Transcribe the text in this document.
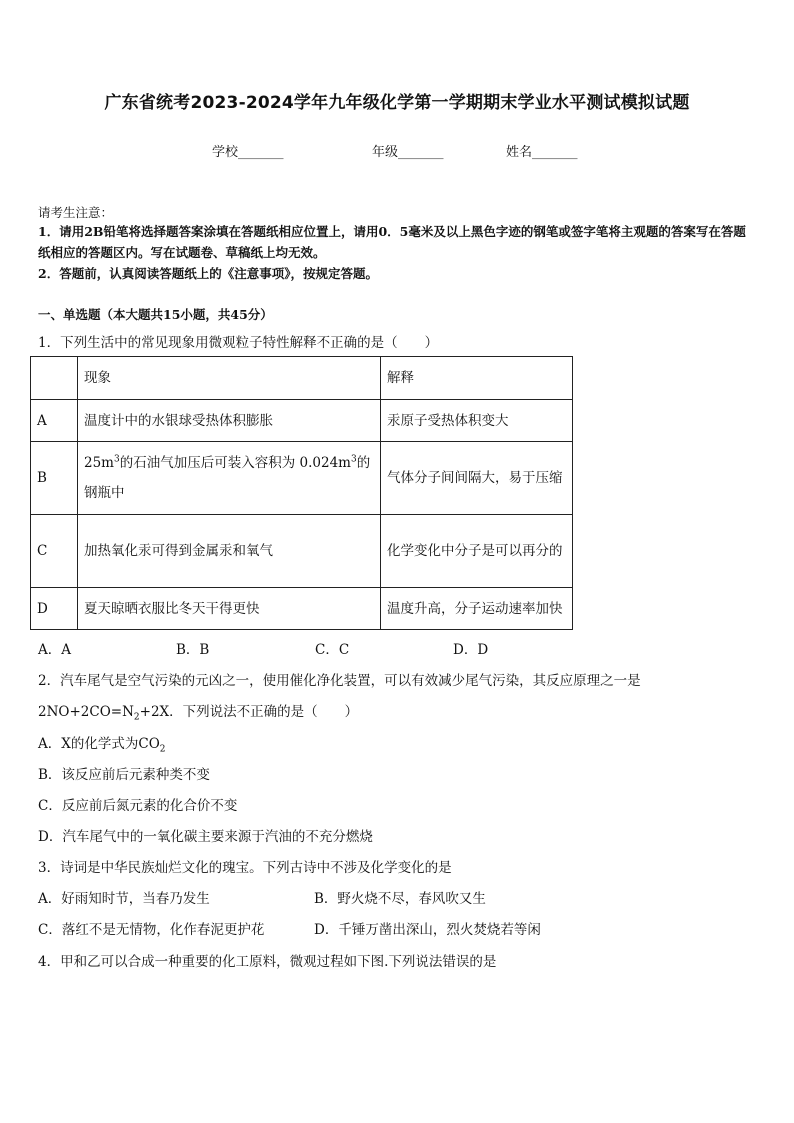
广东省统考2023-2024学年九年级化学第一学期期末学业水平测试模拟试题
学校_______	年级_______	姓名_______
请考生注意：
1．请用2B铅笔将选择题答案涂填在答题纸相应位置上，请用0．5毫米及以上黑色字迹的钢笔或签字笔将主观题的答案写在答题纸相应的答题区内。写在试题卷、草稿纸上均无效。
2．答题前，认真阅读答题纸上的《注意事项》，按规定答题。
一、单选题（本大题共15小题，共45分）
1．下列生活中的常见现象用微观粒子特性解释不正确的是（　　）
	现象	解释
A	温度计中的水银球受热体积膨胀	汞原子受热体积变大
B	$25m^3$的石油气加压后可装入容积为 $0.024m^3$的钢瓶中	气体分子间间隔大，易于压缩
C	加热氧化汞可得到金属汞和氧气	化学变化中分子是可以再分的
D	夏天晾晒衣服比冬天干得更快	温度升高，分子运动速率加快
A．A	B．B	C．C	D．D
2．汽车尾气是空气污染的元凶之一，使用催化净化装置，可以有效减少尾气污染，其反应原理之一是
$2NO+2CO=N_2+2X$．下列说法不正确的是（　　）
A．X的化学式为$CO_2$
B．该反应前后元素种类不变
C．反应前后氮元素的化合价不变
D．汽车尾气中的一氧化碳主要来源于汽油的不充分燃烧
3．诗词是中华民族灿烂文化的瑰宝。下列古诗中不涉及化学变化的是
A．好雨知时节，当春乃发生	B．野火烧不尽，春风吹又生
C．落红不是无情物，化作春泥更护花	D．千锤万凿出深山，烈火焚烧若等闲
4．甲和乙可以合成一种重要的化工原料，微观过程如下图.下列说法错误的是
